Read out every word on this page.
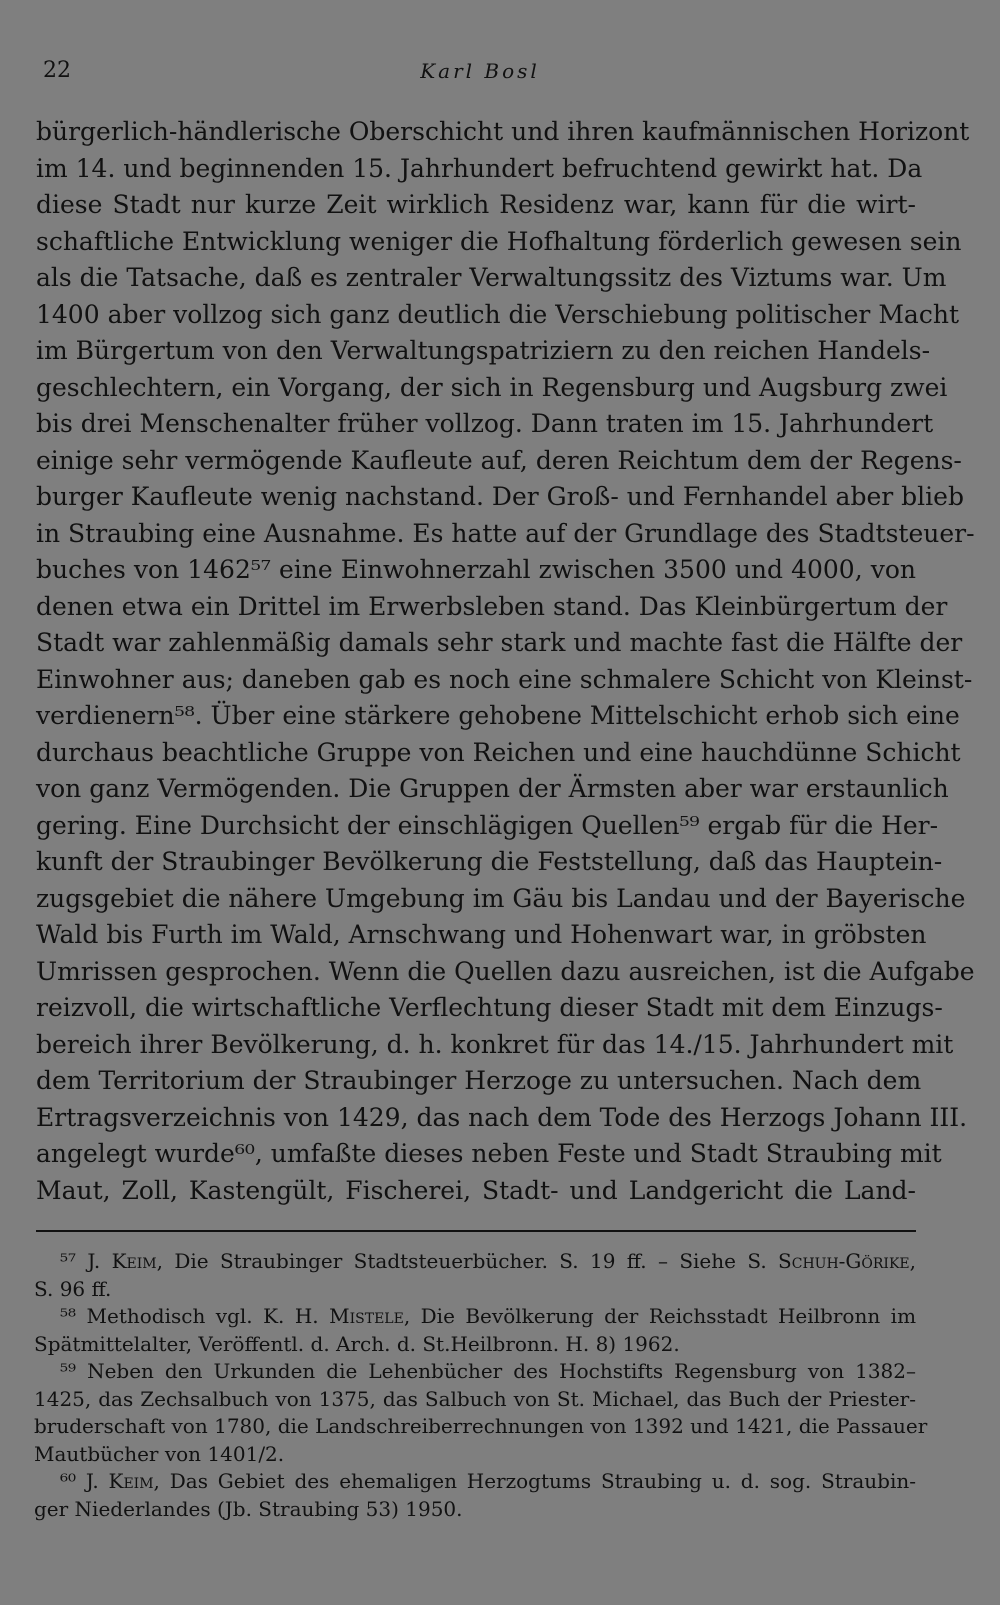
22	Karl Bosl
bürgerlich-händlerische Oberschicht und ihren kaufmännischen Horizont
im 14. und beginnenden 15. Jahrhundert befruchtend gewirkt hat. Da
diese Stadt nur kurze Zeit wirklich Residenz war, kann für die wirt-
schaftliche Entwicklung weniger die Hofhaltung förderlich gewesen sein
als die Tatsache, daß es zentraler Verwaltungssitz des Viztums war. Um
1400 aber vollzog sich ganz deutlich die Verschiebung politischer Macht
im Bürgertum von den Verwaltungspatriziern zu den reichen Handels-
geschlechtern, ein Vorgang, der sich in Regensburg und Augsburg zwei
bis drei Menschenalter früher vollzog. Dann traten im 15. Jahrhundert
einige sehr vermögende Kaufleute auf, deren Reichtum dem der Regens-
burger Kaufleute wenig nachstand. Der Groß- und Fernhandel aber blieb
in Straubing eine Ausnahme. Es hatte auf der Grundlage des Stadtsteuer-
buches von 1462⁵⁷ eine Einwohnerzahl zwischen 3500 und 4000, von
denen etwa ein Drittel im Erwerbsleben stand. Das Kleinbürgertum der
Stadt war zahlenmäßig damals sehr stark und machte fast die Hälfte der
Einwohner aus; daneben gab es noch eine schmalere Schicht von Kleinst-
verdienern⁵⁸. Über eine stärkere gehobene Mittelschicht erhob sich eine
durchaus beachtliche Gruppe von Reichen und eine hauchdünne Schicht
von ganz Vermögenden. Die Gruppen der Ärmsten aber war erstaunlich
gering. Eine Durchsicht der einschlägigen Quellen⁵⁹ ergab für die Her-
kunft der Straubinger Bevölkerung die Feststellung, daß das Hauptein-
zugsgebiet die nähere Umgebung im Gäu bis Landau und der Bayerische
Wald bis Furth im Wald, Arnschwang und Hohenwart war, in gröbsten
Umrissen gesprochen. Wenn die Quellen dazu ausreichen, ist die Aufgabe
reizvoll, die wirtschaftliche Verflechtung dieser Stadt mit dem Einzugs-
bereich ihrer Bevölkerung, d. h. konkret für das 14./15. Jahrhundert mit
dem Territorium der Straubinger Herzoge zu untersuchen. Nach dem
Ertragsverzeichnis von 1429, das nach dem Tode des Herzogs Johann III.
angelegt wurde⁶⁰, umfaßte dieses neben Feste und Stadt Straubing mit
Maut, Zoll, Kastengült, Fischerei, Stadt- und Landgericht die Land-
⁵⁷ J. Keim, Die Straubinger Stadtsteuerbücher. S. 19 ff. – Siehe S. Schuh-Görike,
S. 96 ff.
⁵⁸ Methodisch vgl. K. H. Mistele, Die Bevölkerung der Reichsstadt Heilbronn im
Spätmittelalter, Veröffentl. d. Arch. d. St.Heilbronn. H. 8) 1962.
⁵⁹ Neben den Urkunden die Lehenbücher des Hochstifts Regensburg von 1382–
1425, das Zechsalbuch von 1375, das Salbuch von St. Michael, das Buch der Priester-
bruderschaft von 1780, die Landschreiberrechnungen von 1392 und 1421, die Passauer
Mautbücher von 1401/2.
⁶⁰ J. Keim, Das Gebiet des ehemaligen Herzogtums Straubing u. d. sog. Straubin-
ger Niederlandes (Jb. Straubing 53) 1950.
